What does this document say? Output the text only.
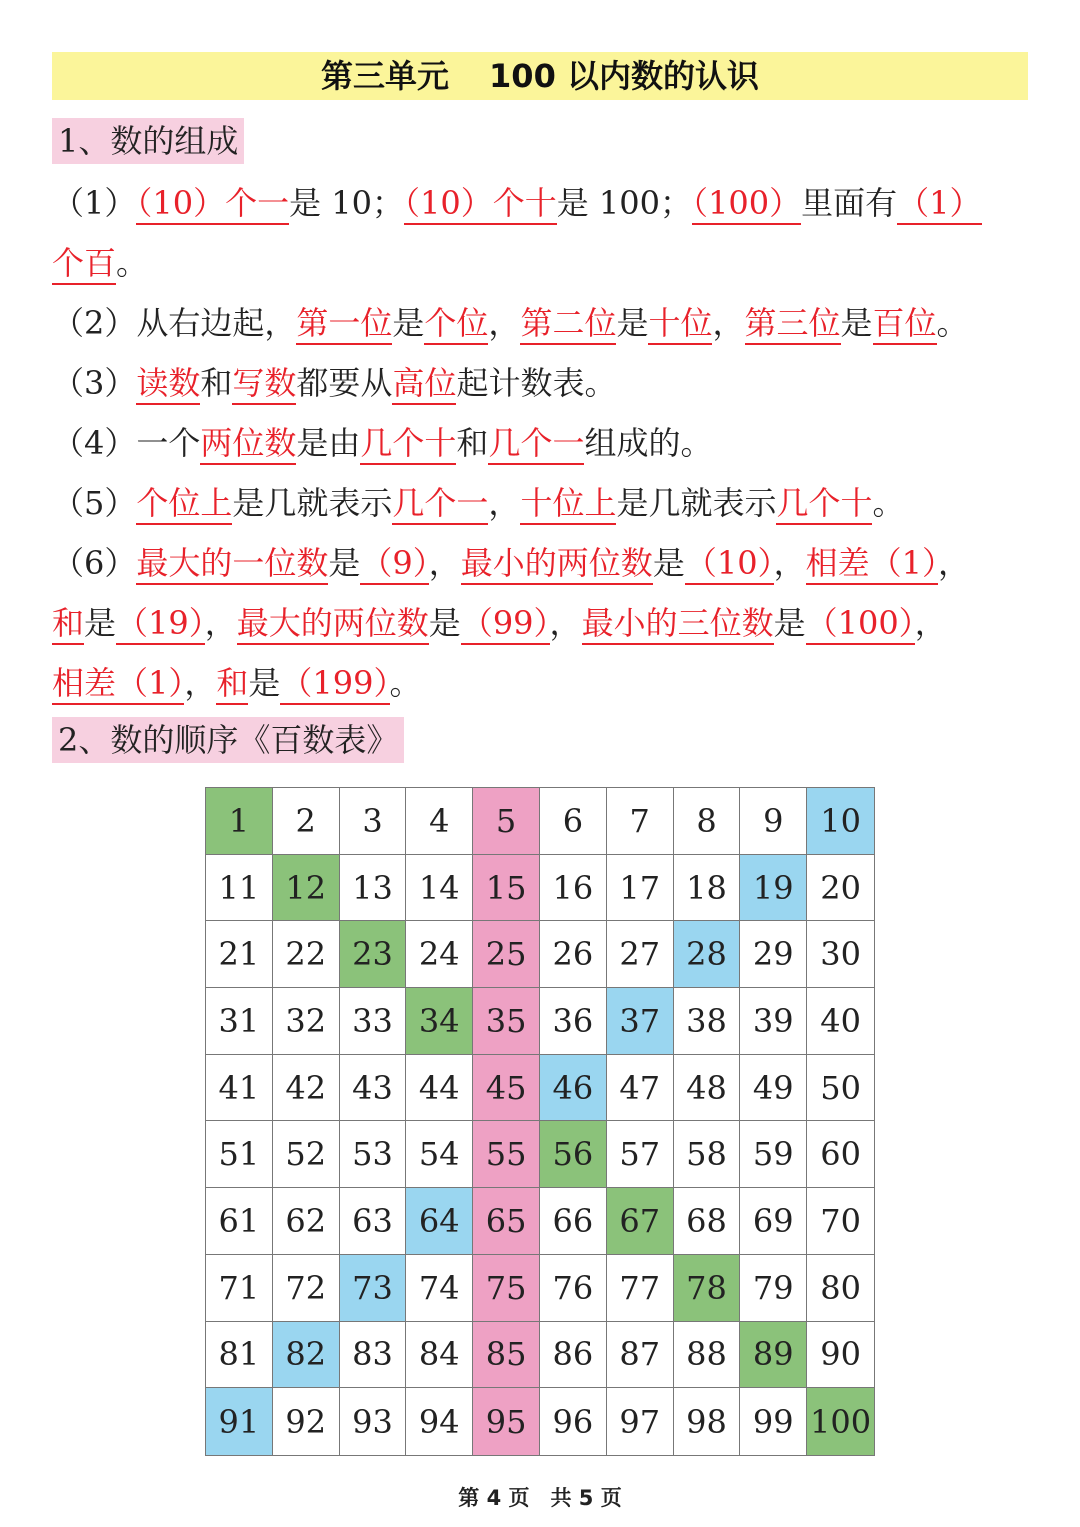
第三单元 100 以内数的认识
1、数的组成
（1）（10）个一是 10；（10）个十是 100；（100）里面有（1）
个百。
（2）从右边起，第一位是个位，第二位是十位，第三位是百位。
（3）读数和写数都要从高位起计数表。
（4）一个两位数是由几个十和几个一组成的。
（5）个位上是几就表示几个一，十位上是几就表示几个十。
（6）最大的一位数是（9），最小的两位数是（10），相差（1），
和是（19），最大的两位数是（99），最小的三位数是（100），
相差（1），和是（199）。
2、数的顺序《百数表》
1	2	3	4	5	6	7	8	9	10
11 12 13 14 15 16 17 18 19 20
21 22 23 24 25 26 27 28 29 30
31 32 33 34 35 36 37 38 39 40
41 42 43 44 45 46 47 48 49 50
51 52 53 54 55 56 57 58 59 60
61 62 63 64 65 66 67 68 69 70
71 72 73 74 75 76 77 78 79 80
81 82 83 84 85 86 87 88 89 90
91 92 93 94 95 96 97 98 99 100
第 4 页　共 5 页
